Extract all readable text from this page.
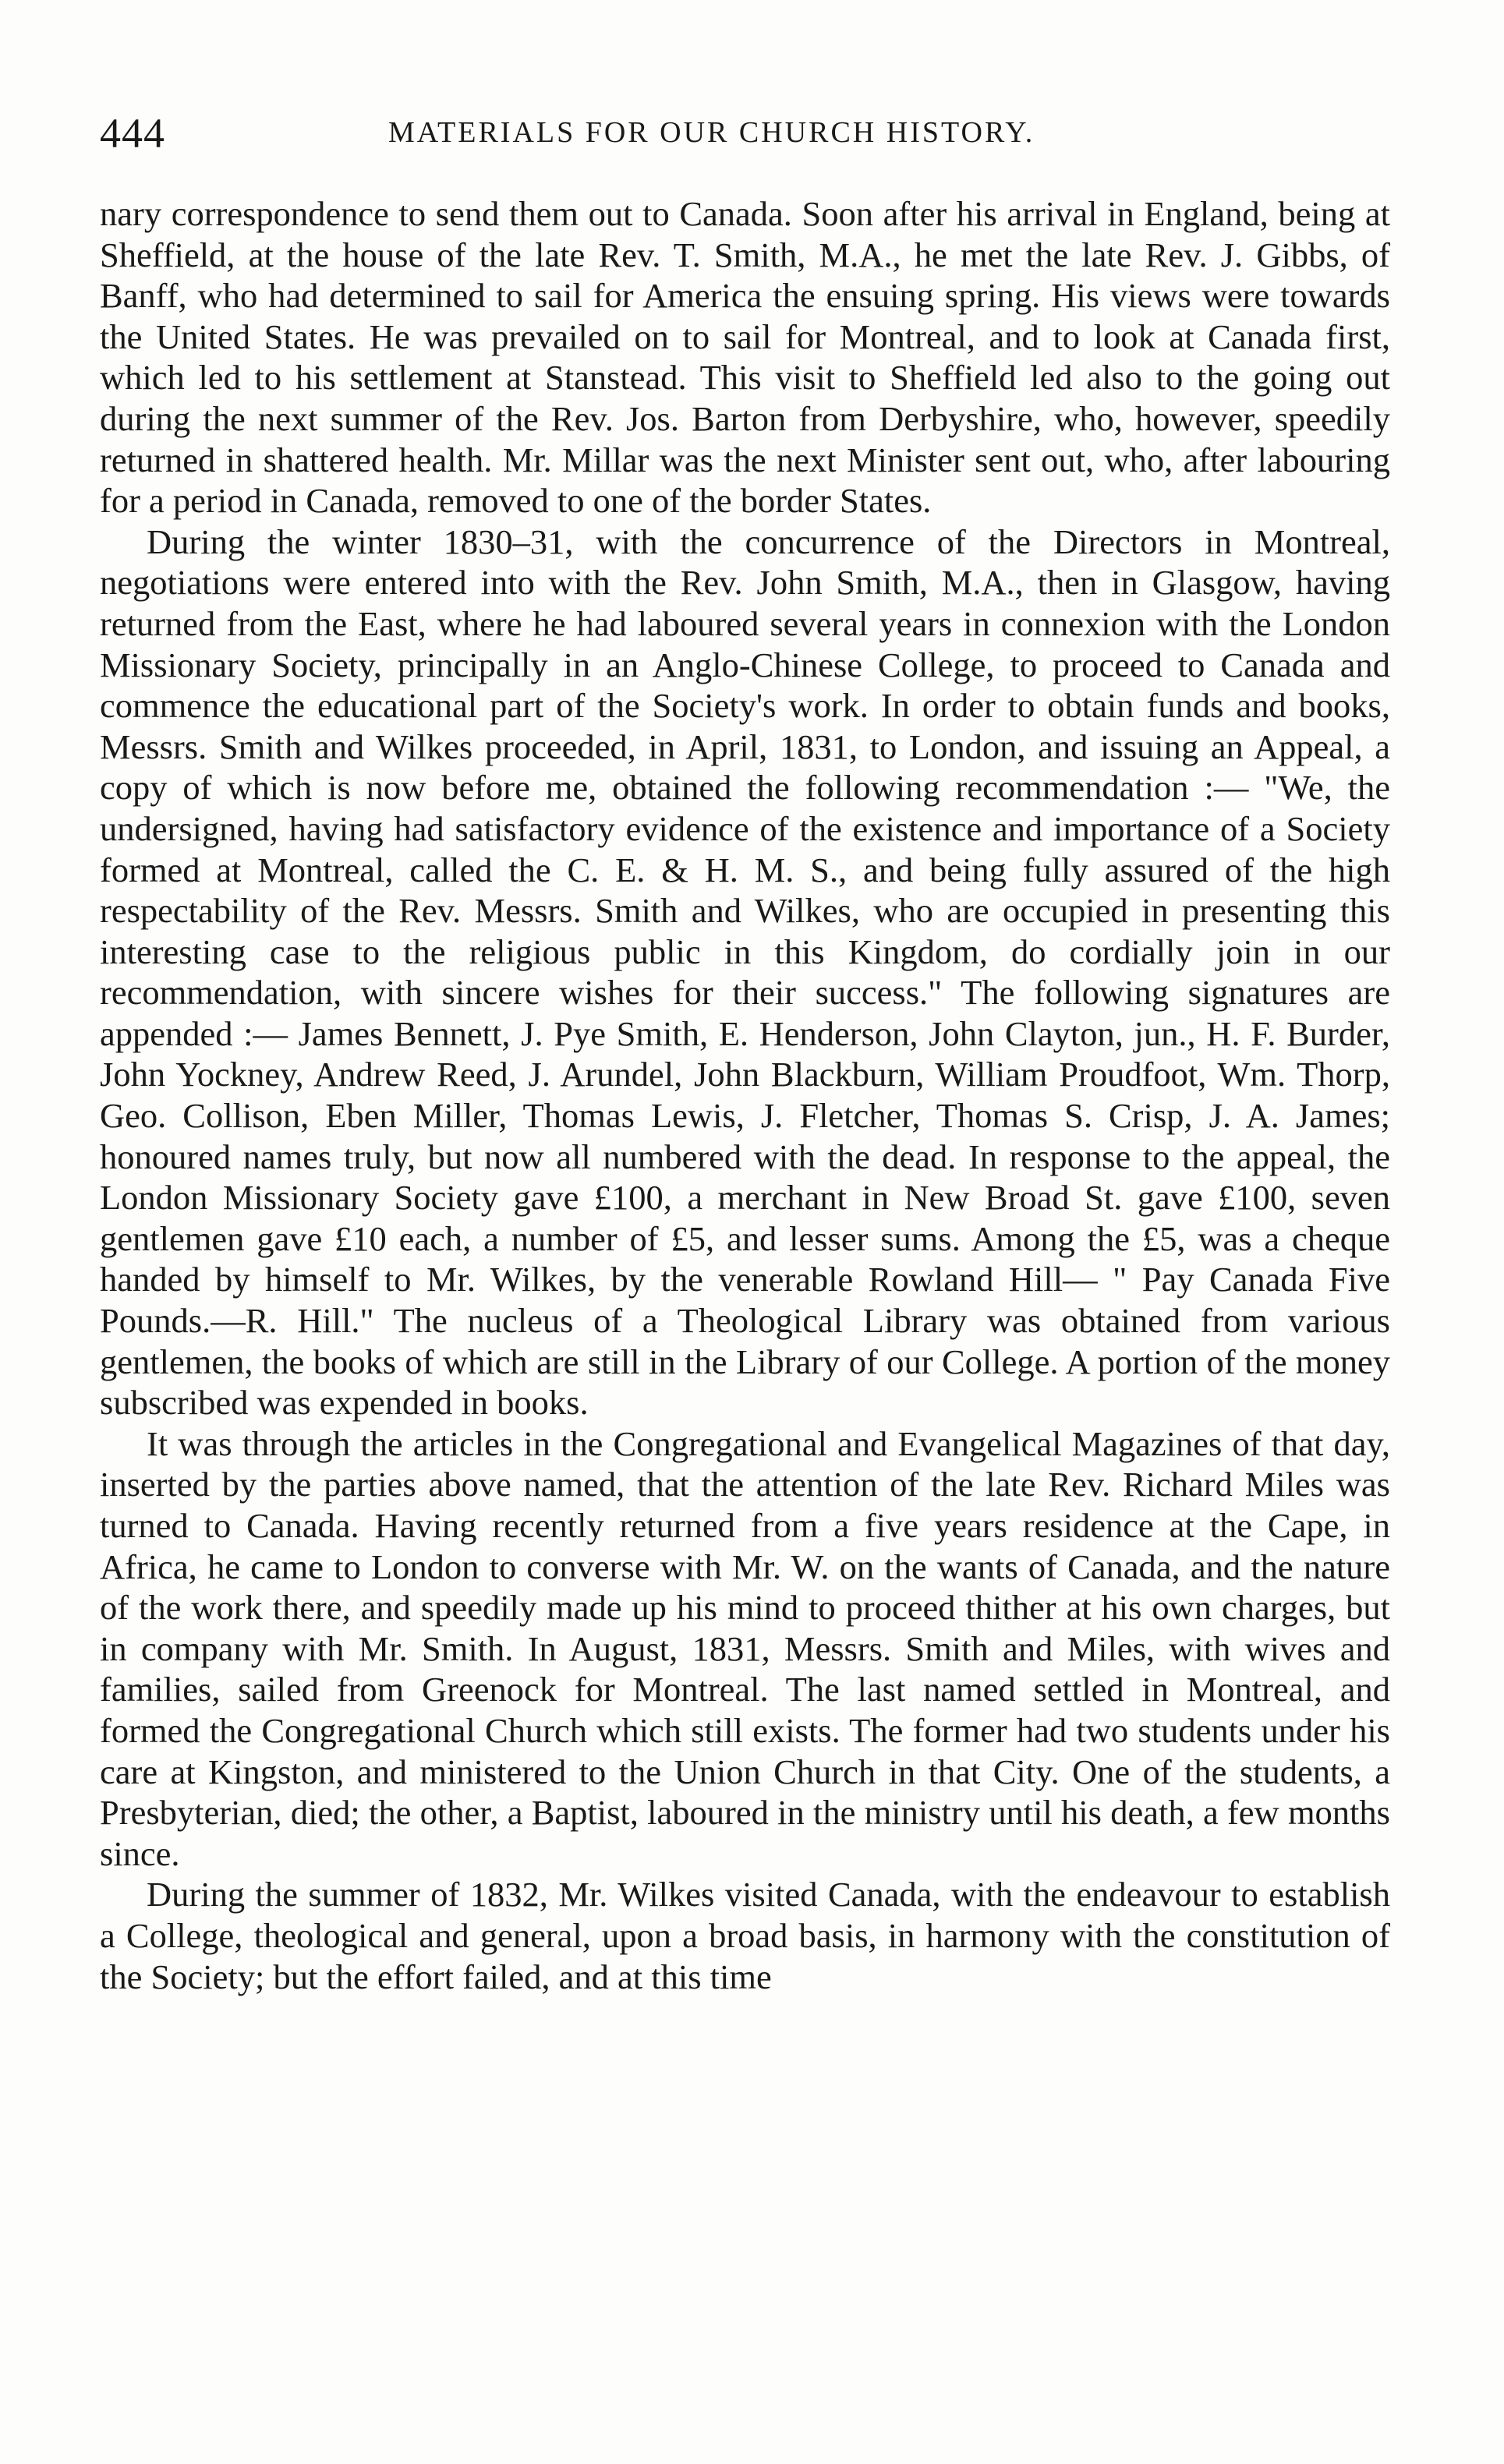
444	MATERIALS FOR OUR CHURCH HISTORY.

nary correspondence to send them out to Canada. Soon after his arrival in England, being at Sheffield, at the house of the late Rev. T. Smith, M.A., he met the late Rev. J. Gibbs, of Banff, who had determined to sail for America the ensuing spring. His views were towards the United States. He was prevailed on to sail for Montreal, and to look at Canada first, which led to his settlement at Stanstead. This visit to Sheffield led also to the going out during the next summer of the Rev. Jos. Barton from Derbyshire, who, however, speedily returned in shattered health. Mr. Millar was the next Minister sent out, who, after labouring for a period in Canada, removed to one of the border States.

During the winter 1830–31, with the concurrence of the Directors in Montreal, negotiations were entered into with the Rev. John Smith, M.A., then in Glasgow, having returned from the East, where he had laboured several years in connexion with the London Missionary Society, principally in an Anglo-Chinese College, to proceed to Canada and commence the educational part of the Society's work. In order to obtain funds and books, Messrs. Smith and Wilkes proceeded, in April, 1831, to London, and issuing an Appeal, a copy of which is now before me, obtained the following recommendation :— "We, the undersigned, having had satisfactory evidence of the existence and importance of a Society formed at Montreal, called the C. E. & H. M. S., and being fully assured of the high respectability of the Rev. Messrs. Smith and Wilkes, who are occupied in presenting this interesting case to the religious public in this Kingdom, do cordially join in our recommendation, with sincere wishes for their success." The following signatures are appended :— James Bennett, J. Pye Smith, E. Henderson, John Clayton, jun., H. F. Burder, John Yockney, Andrew Reed, J. Arundel, John Blackburn, William Proudfoot, Wm. Thorp, Geo. Collison, Eben Miller, Thomas Lewis, J. Fletcher, Thomas S. Crisp, J. A. James; honoured names truly, but now all numbered with the dead. In response to the appeal, the London Missionary Society gave £100, a merchant in New Broad St. gave £100, seven gentlemen gave £10 each, a number of £5, and lesser sums. Among the £5, was a cheque handed by himself to Mr. Wilkes, by the venerable Rowland Hill— " Pay Canada Five Pounds.—R. Hill." The nucleus of a Theological Library was obtained from various gentlemen, the books of which are still in the Library of our College. A portion of the money subscribed was expended in books.

It was through the articles in the Congregational and Evangelical Magazines of that day, inserted by the parties above named, that the attention of the late Rev. Richard Miles was turned to Canada. Having recently returned from a five years residence at the Cape, in Africa, he came to London to converse with Mr. W. on the wants of Canada, and the nature of the work there, and speedily made up his mind to proceed thither at his own charges, but in company with Mr. Smith. In August, 1831, Messrs. Smith and Miles, with wives and families, sailed from Greenock for Montreal. The last named settled in Montreal, and formed the Congregational Church which still exists. The former had two students under his care at Kingston, and ministered to the Union Church in that City. One of the students, a Presbyterian, died; the other, a Baptist, laboured in the ministry until his death, a few months since.

During the summer of 1832, Mr. Wilkes visited Canada, with the endeavour to establish a College, theological and general, upon a broad basis, in harmony with the constitution of the Society; but the effort failed, and at this time
